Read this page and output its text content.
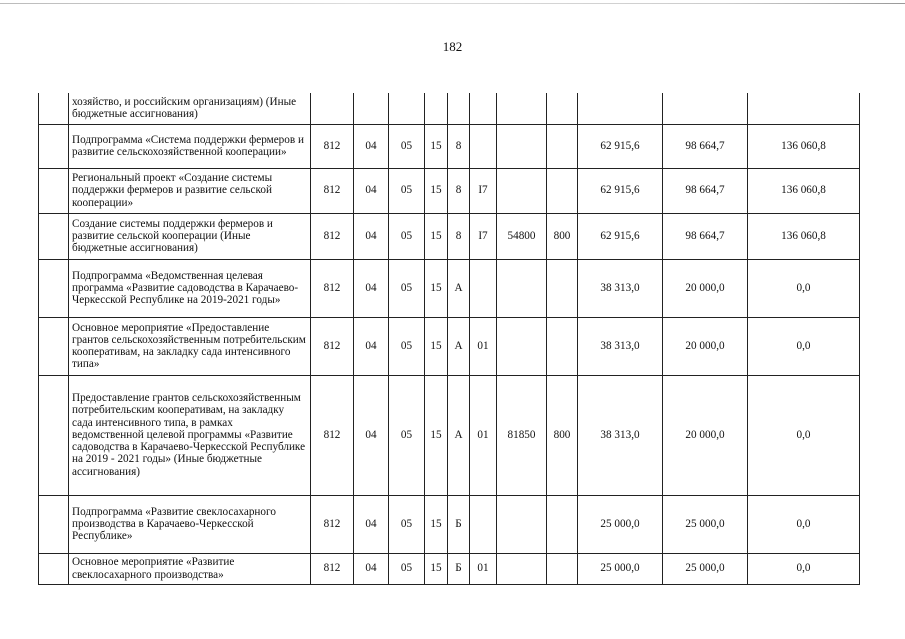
182
	хозяйство, и российским организациям) (Иные бюджетные ассигнования)											
	Подпрограмма «Система поддержки фермеров и развитие сельскохозяйственной кооперации»	812	04	05	15	8				62 915,6	98 664,7	136 060,8
	Региональный проект «Создание системы поддержки фермеров и развитие сельской кооперации»	812	04	05	15	8	I7			62 915,6	98 664,7	136 060,8
	Создание системы поддержки фермеров и развитие сельской кооперации (Иные бюджетные ассигнования)	812	04	05	15	8	I7	54800	800	62 915,6	98 664,7	136 060,8
	Подпрограмма «Ведомственная целевая программа «Развитие садоводства в Карачаево-Черкесской Республике на 2019-2021 годы»	812	04	05	15	А				38 313,0	20 000,0	0,0
	Основное мероприятие «Предоставление грантов сельскохозяйственным потребительским кооперативам, на закладку сада интенсивного типа»	812	04	05	15	А	01			38 313,0	20 000,0	0,0
	Предоставление грантов сельскохозяйственным потребительским кооперативам, на закладку сада интенсивного типа, в рамках ведомственной целевой программы «Развитие садоводства в Карачаево-Черкесской Республике на 2019 - 2021 годы» (Иные бюджетные ассигнования)	812	04	05	15	А	01	81850	800	38 313,0	20 000,0	0,0
	Подпрограмма «Развитие свеклосахарного производства в Карачаево-Черкесской Республике»	812	04	05	15	Б				25 000,0	25 000,0	0,0
	Основное мероприятие «Развитие свеклосахарного производства»	812	04	05	15	Б	01			25 000,0	25 000,0	0,0
